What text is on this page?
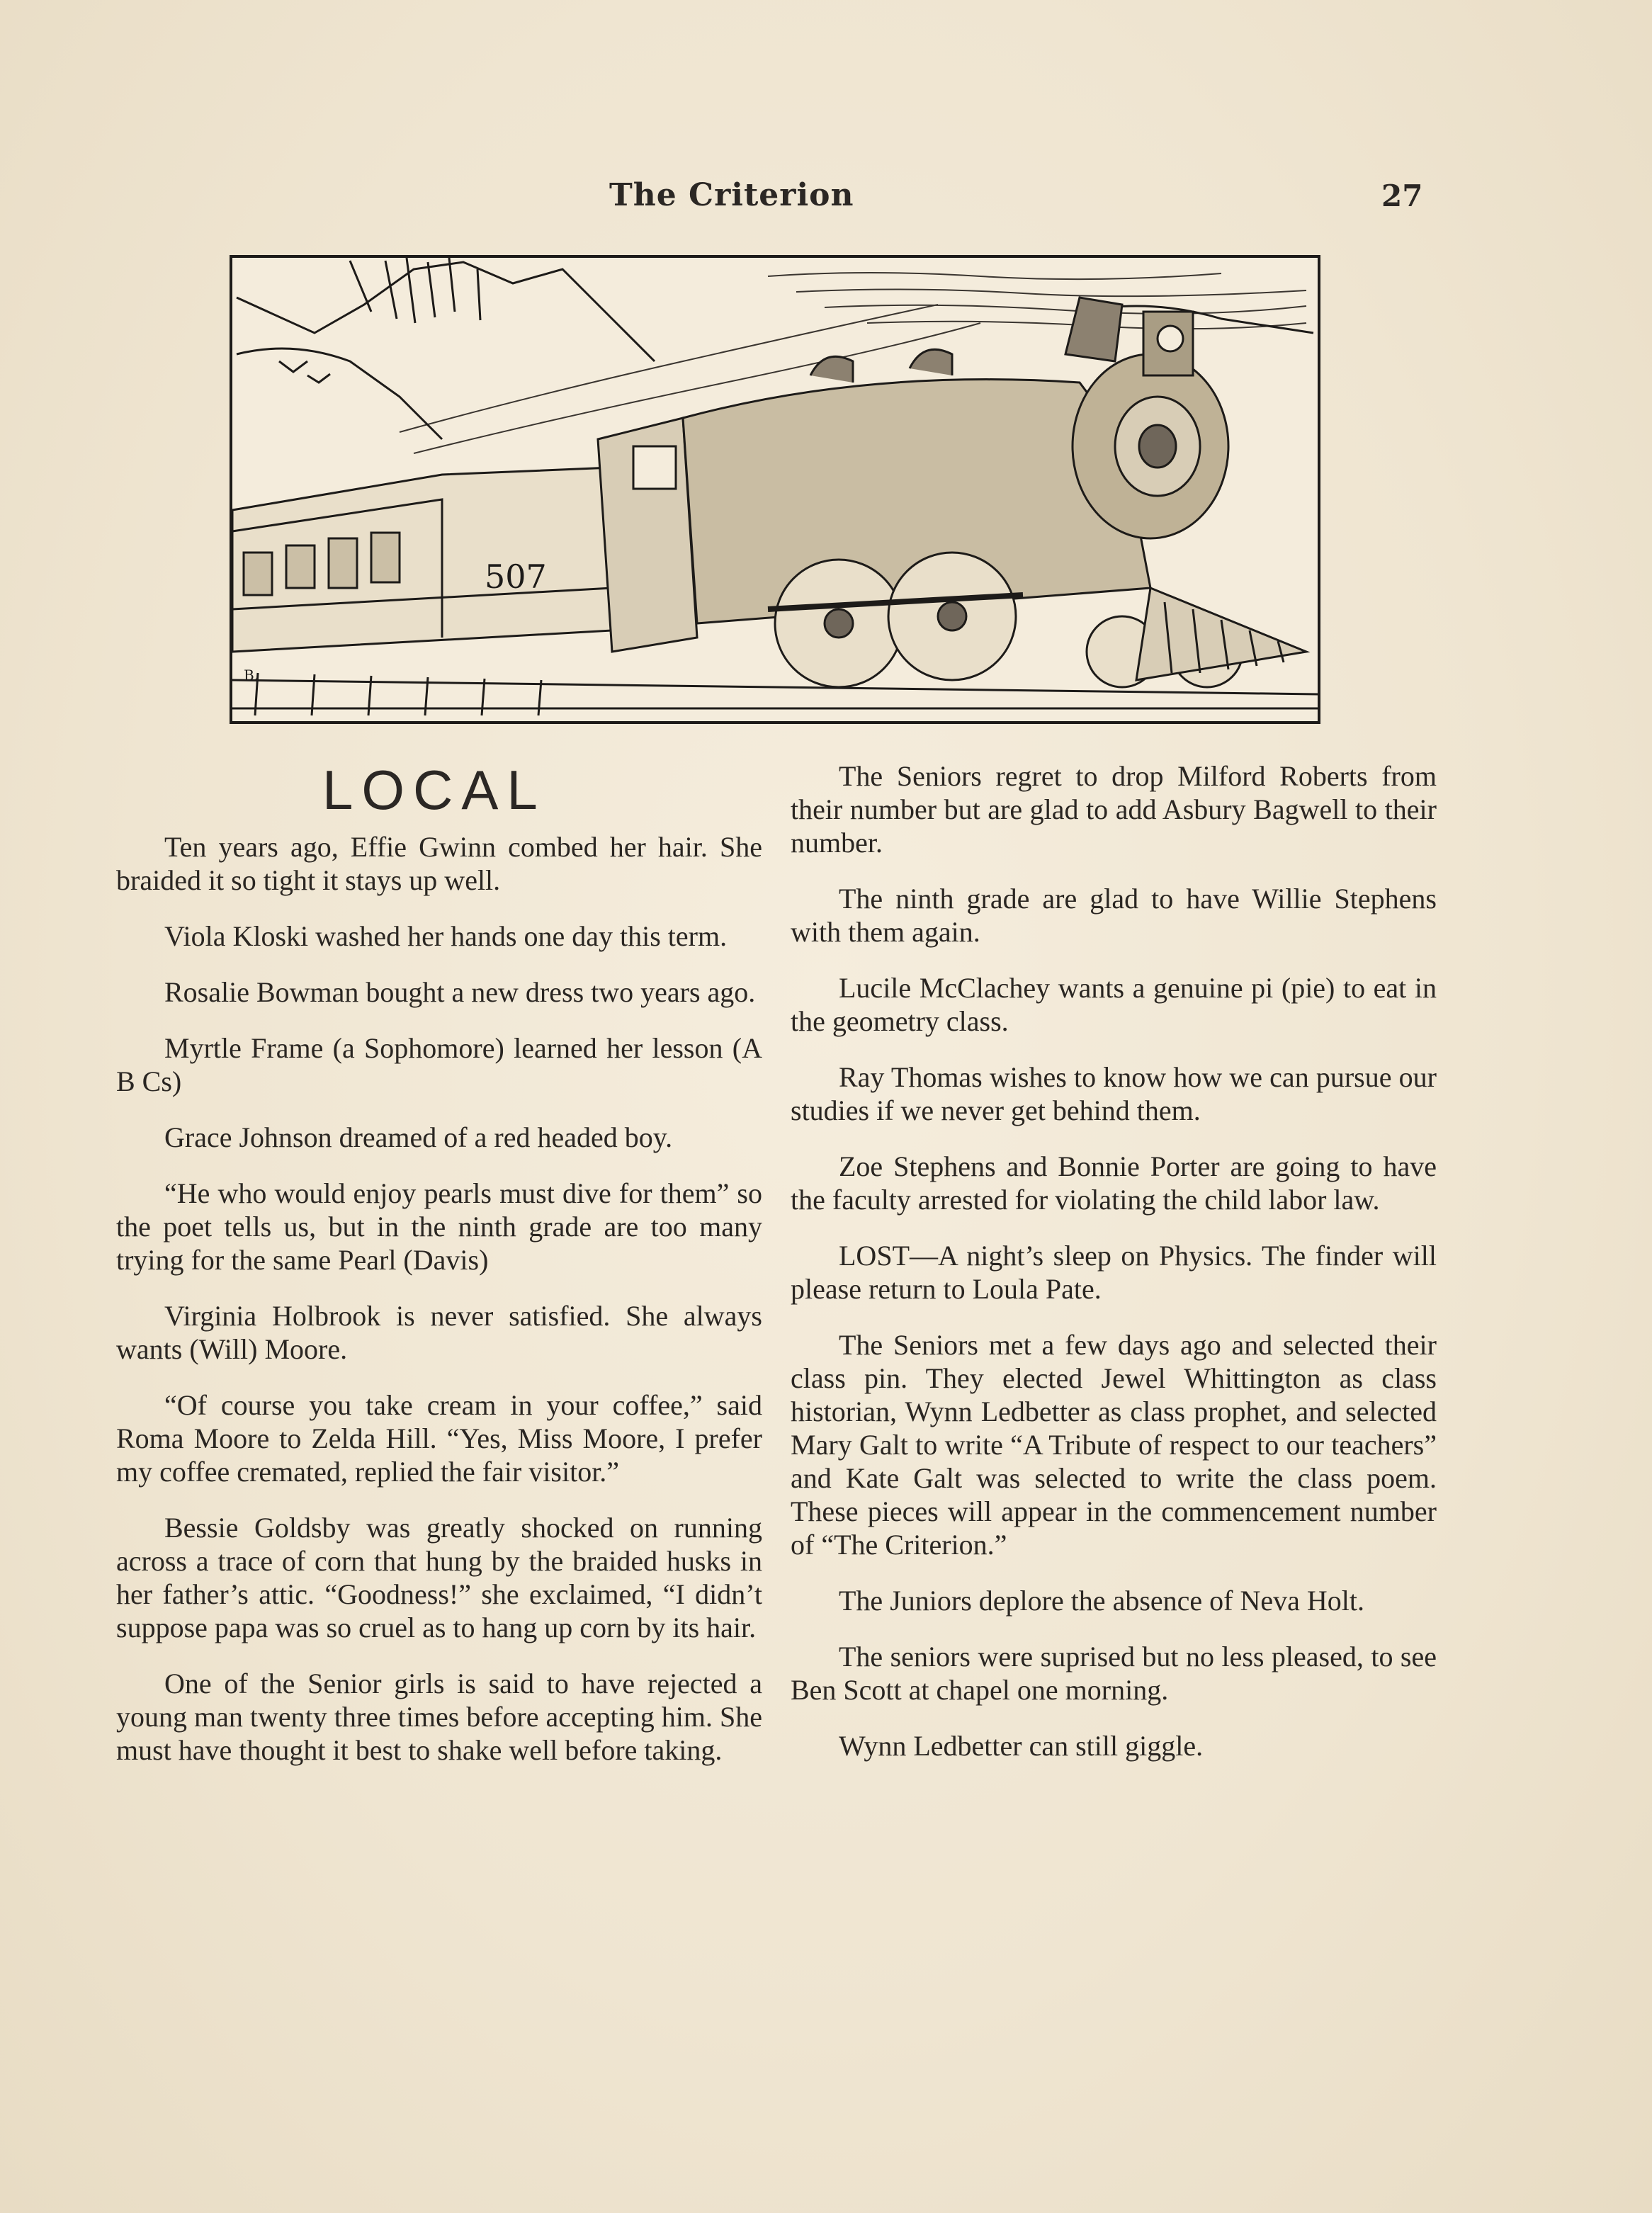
The Criterion	27
507
B.
LOCAL

Ten years ago, Effie Gwinn combed her hair. She braided it so tight it stays up well.

Viola Kloski washed her hands one day this term.

Rosalie Bowman bought a new dress two years ago.

Myrtle Frame (a Sophomore) learned her lesson (A B Cs)

Grace Johnson dreamed of a red headed boy.

“He who would enjoy pearls must dive for them” so the poet tells us, but in the ninth grade are too many trying for the same Pearl (Davis)

Virginia Holbrook is never satisfied. She always wants (Will) Moore.

“Of course you take cream in your coffee,” said Roma Moore to Zelda Hill. “Yes, Miss Moore, I prefer my coffee cremated, replied the fair visitor.”

Bessie Goldsby was greatly shocked on running across a trace of corn that hung by the braided husks in her father’s attic. “Goodness!” she exclaimed, “I didn’t suppose papa was so cruel as to hang up corn by its hair.

One of the Senior girls is said to have rejected a young man twenty three times before accepting him. She must have thought it best to shake well before taking.

The Seniors regret to drop Milford Roberts from their number but are glad to add Asbury Bagwell to their number.

The ninth grade are glad to have Willie Stephens with them again.

Lucile McClachey wants a genuine pi (pie) to eat in the geometry class.

Ray Thomas wishes to know how we can pursue our studies if we never get behind them.

Zoe Stephens and Bonnie Porter are going to have the faculty arrested for violating the child labor law.

LOST—A night’s sleep on Physics. The finder will please return to Loula Pate.

The Seniors met a few days ago and selected their class pin. They elected Jewel Whittington as class historian, Wynn Ledbetter as class prophet, and selected Mary Galt to write “A Tribute of respect to our teachers” and Kate Galt was selected to write the class poem. These pieces will appear in the commencement number of “The Criterion.”

The Juniors deplore the absence of Neva Holt.

The seniors were suprised but no less pleased, to see Ben Scott at chapel one morning.

Wynn Ledbetter can still giggle.
